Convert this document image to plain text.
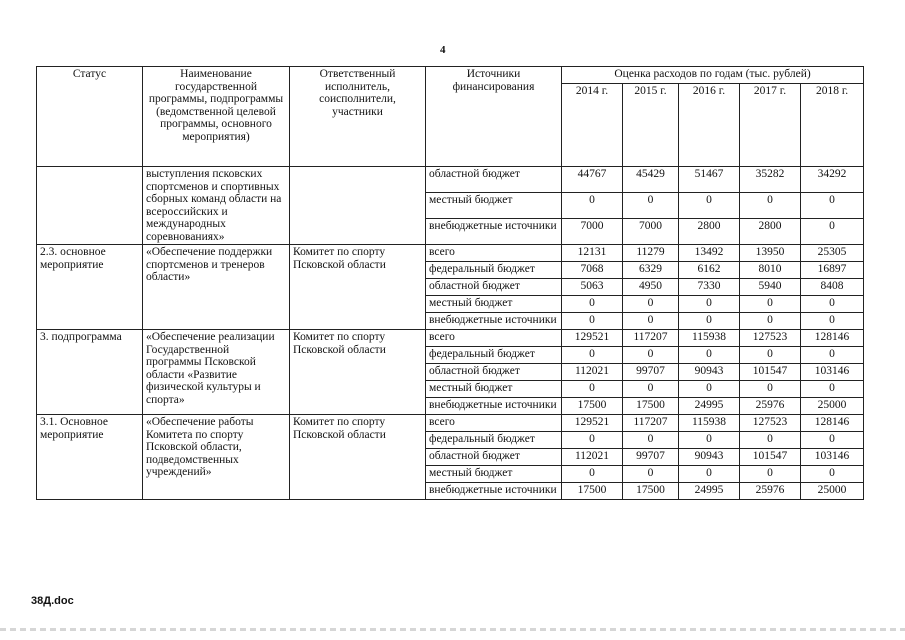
4
Статус	Наименование государственной программы, подпрограммы (ведомственной целевой программы, основного мероприятия)	Ответственный исполнитель, соисполнители, участники	Источники финансирования	Оценка расходов по годам (тыс. рублей)				
				2014 г.	2015 г.	2016 г.	2017 г.	2018 г.
	выступления псковских спортсменов и спортивных сборных команд области на всероссийских и международных соревнованиях»		областной бюджет	44767	45429	51467	35282	34292
			местный бюджет	0	0	0	0	0
			внебюджетные источники	7000	7000	2800	2800	0
2.3. основное мероприятие	«Обеспечение поддержки спортсменов и тренеров области»	Комитет по спорту Псковской области	всего	12131	11279	13492	13950	25305
			федеральный бюджет	7068	6329	6162	8010	16897
			областной бюджет	5063	4950	7330	5940	8408
			местный бюджет	0	0	0	0	0
			внебюджетные источники	0	0	0	0	0
3. подпрограмма	«Обеспечение реализации Государственной программы Псковской области «Развитие физической культуры и спорта»	Комитет по спорту Псковской области	всего	129521	117207	115938	127523	128146
			федеральный бюджет	0	0	0	0	0
			областной бюджет	112021	99707	90943	101547	103146
			местный бюджет	0	0	0	0	0
			внебюджетные источники	17500	17500	24995	25976	25000
3.1. Основное мероприятие	«Обеспечение работы Комитета по спорту Псковской области, подведомственных учреждений»	Комитет по спорту Псковской области	всего	129521	117207	115938	127523	128146
			федеральный бюджет	0	0	0	0	0
			областной бюджет	112021	99707	90943	101547	103146
			местный бюджет	0	0	0	0	0
			внебюджетные источники	17500	17500	24995	25976	25000
38Д.doc
